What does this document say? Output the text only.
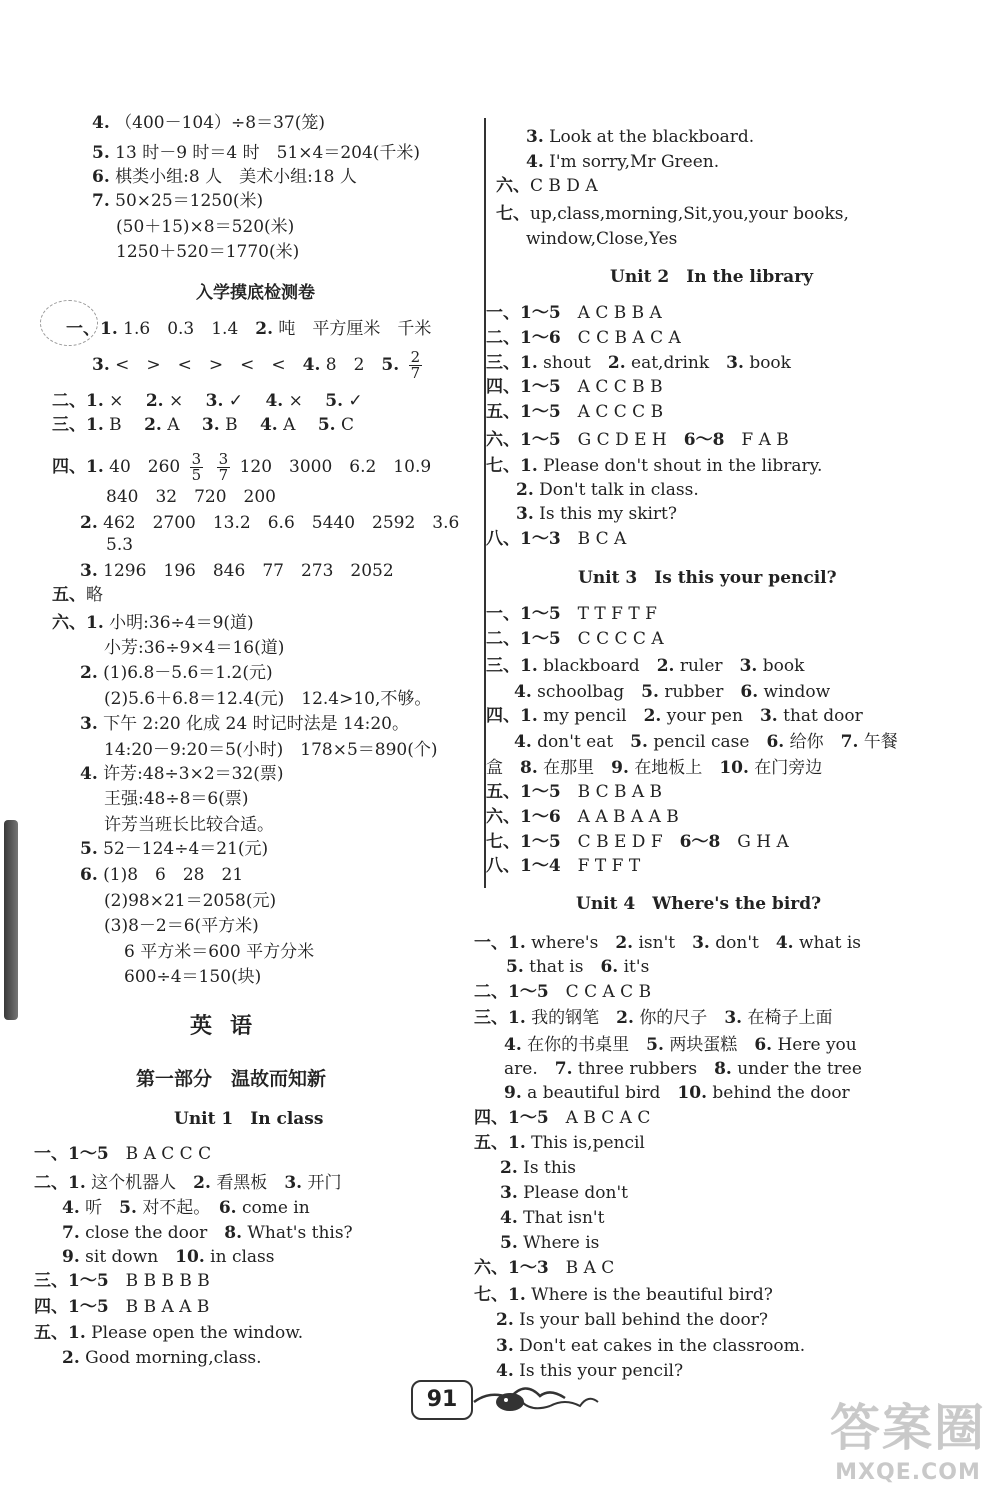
4. （400－104）÷8＝37(笼)
5. 13 时－9 时＝4 时　51×4＝204(千米)
6. 棋类小组:8 人　美术小组:18 人
7. 50×25＝1250(米)
(50＋15)×8＝520(米)
1250＋520＝1770(米)
入学摸底检测卷
一、1. 1.6　0.3　1.4　 2. 吨　平方厘米　千米
3. <　>　<　>　<　<　 4. 8　2　 5. $\frac{2}{7}$
二、1. ×　 2. ×　 3. ✓　 4. ×　 5. ✓
三、1. B　 2. A　 3. B　 4. A　 5. C
四、1. 40　$260 \frac{3}{5}$
$\frac{3}{7} 120$　3000　6.2　10.9
840　32　720　200
2. 462　2700　13.2　6.6　5440　2592　3.6
5.3
3. 1296　196　846　77　273　2052
五、略
六、1. 小明:36÷4＝9(道)
小芳:36÷9×4＝16(道)
2. (1)6.8－5.6＝1.2(元)
(2)5.6＋6.8＝12.4(元)　12.4>10,不够。
3. 下午 2:20 化成 24 时记时法是 14:20。
14:20－9:20＝5(小时)　178×5＝890(个)
4. 许芳:48÷3×2＝32(票)
王强:48÷8＝6(票)
许芳当班长比较合适。
5. 52－124÷4＝21(元)
6. (1)8　6　28　21
(2)98×21＝2058(元)
(3)8－2＝6(平方米)
6 平方米＝600 平方分米
600÷4＝150(块)
英语
第一部分　温故而知新
Unit 1　 In class
一、1～5　 B A C C C
二、1. 这个机器人　 2. 看黑板　 3. 开门
4. 听　 5. 对不起。　 6. come in
7. close the door　 8. What's this?
9. sit down　 10. in class
三、1～5　 B B B B B
四、1～5　 B B A A B
五、1. Please open the window.
2. Good morning,class.
3. Look at the blackboard.
4. I'm sorry,Mr Green.
六、C B D A
七、up,class,morning,Sit,you,your books,
window,Close,Yes
Unit 2　 In the library
一、1～5　 A C B B A
二、1～6　 C C B A C A
三、1. shout　 2. eat,drink　 3. book
四、1～5　 A C C B B
五、1～5　 A C C C B
六、1～5　 G C D E H　 6～8　 F A B
七、1. Please don't shout in the library.
2. Don't talk in class.
3. Is this my skirt?
八、1～3　 B C A
Unit 3　 Is this your pencil?
一、1～5　 T T F T F
二、1～5　 C C C C A
三、1. blackboard　 2. ruler　 3. book
4. schoolbag　 5. rubber　 6. window
四、1. my pencil　 2. your pen　 3. that door
4. don't eat　 5. pencil case　 6. 给你　 7. 午餐
盒　 8. 在那里　 9. 在地板上　 10. 在门旁边
五、1～5　 B C B A B
六、1～6　 A A B A A B
七、1～5　 C B E D F　 6～8　 G H A
八、1～4　 F T F T
Unit 4　 Where's the bird?
一、1. where's　 2. isn't　 3. don't　 4. what is
5. that is　 6. it's
二、1～5　 C C A C B
三、1. 我的钢笔　 2. 你的尺子　 3. 在椅子上面
4. 在你的书桌里　 5. 两块蛋糕　 6. Here you
are.　 7. three rubbers　 8. under the tree
9. a beautiful bird　 10. behind the door
四、1～5　 A B C A C
五、1. This is,pencil
2. Is this
3. Please don't
4. That isn't
5. Where is
六、1～3　 B A C
七、1. Where is the beautiful bird?
2. Is your ball behind the door?
3. Don't eat cakes in the classroom.
4. Is this your pencil?
91	答案圈
MXQE.COM
